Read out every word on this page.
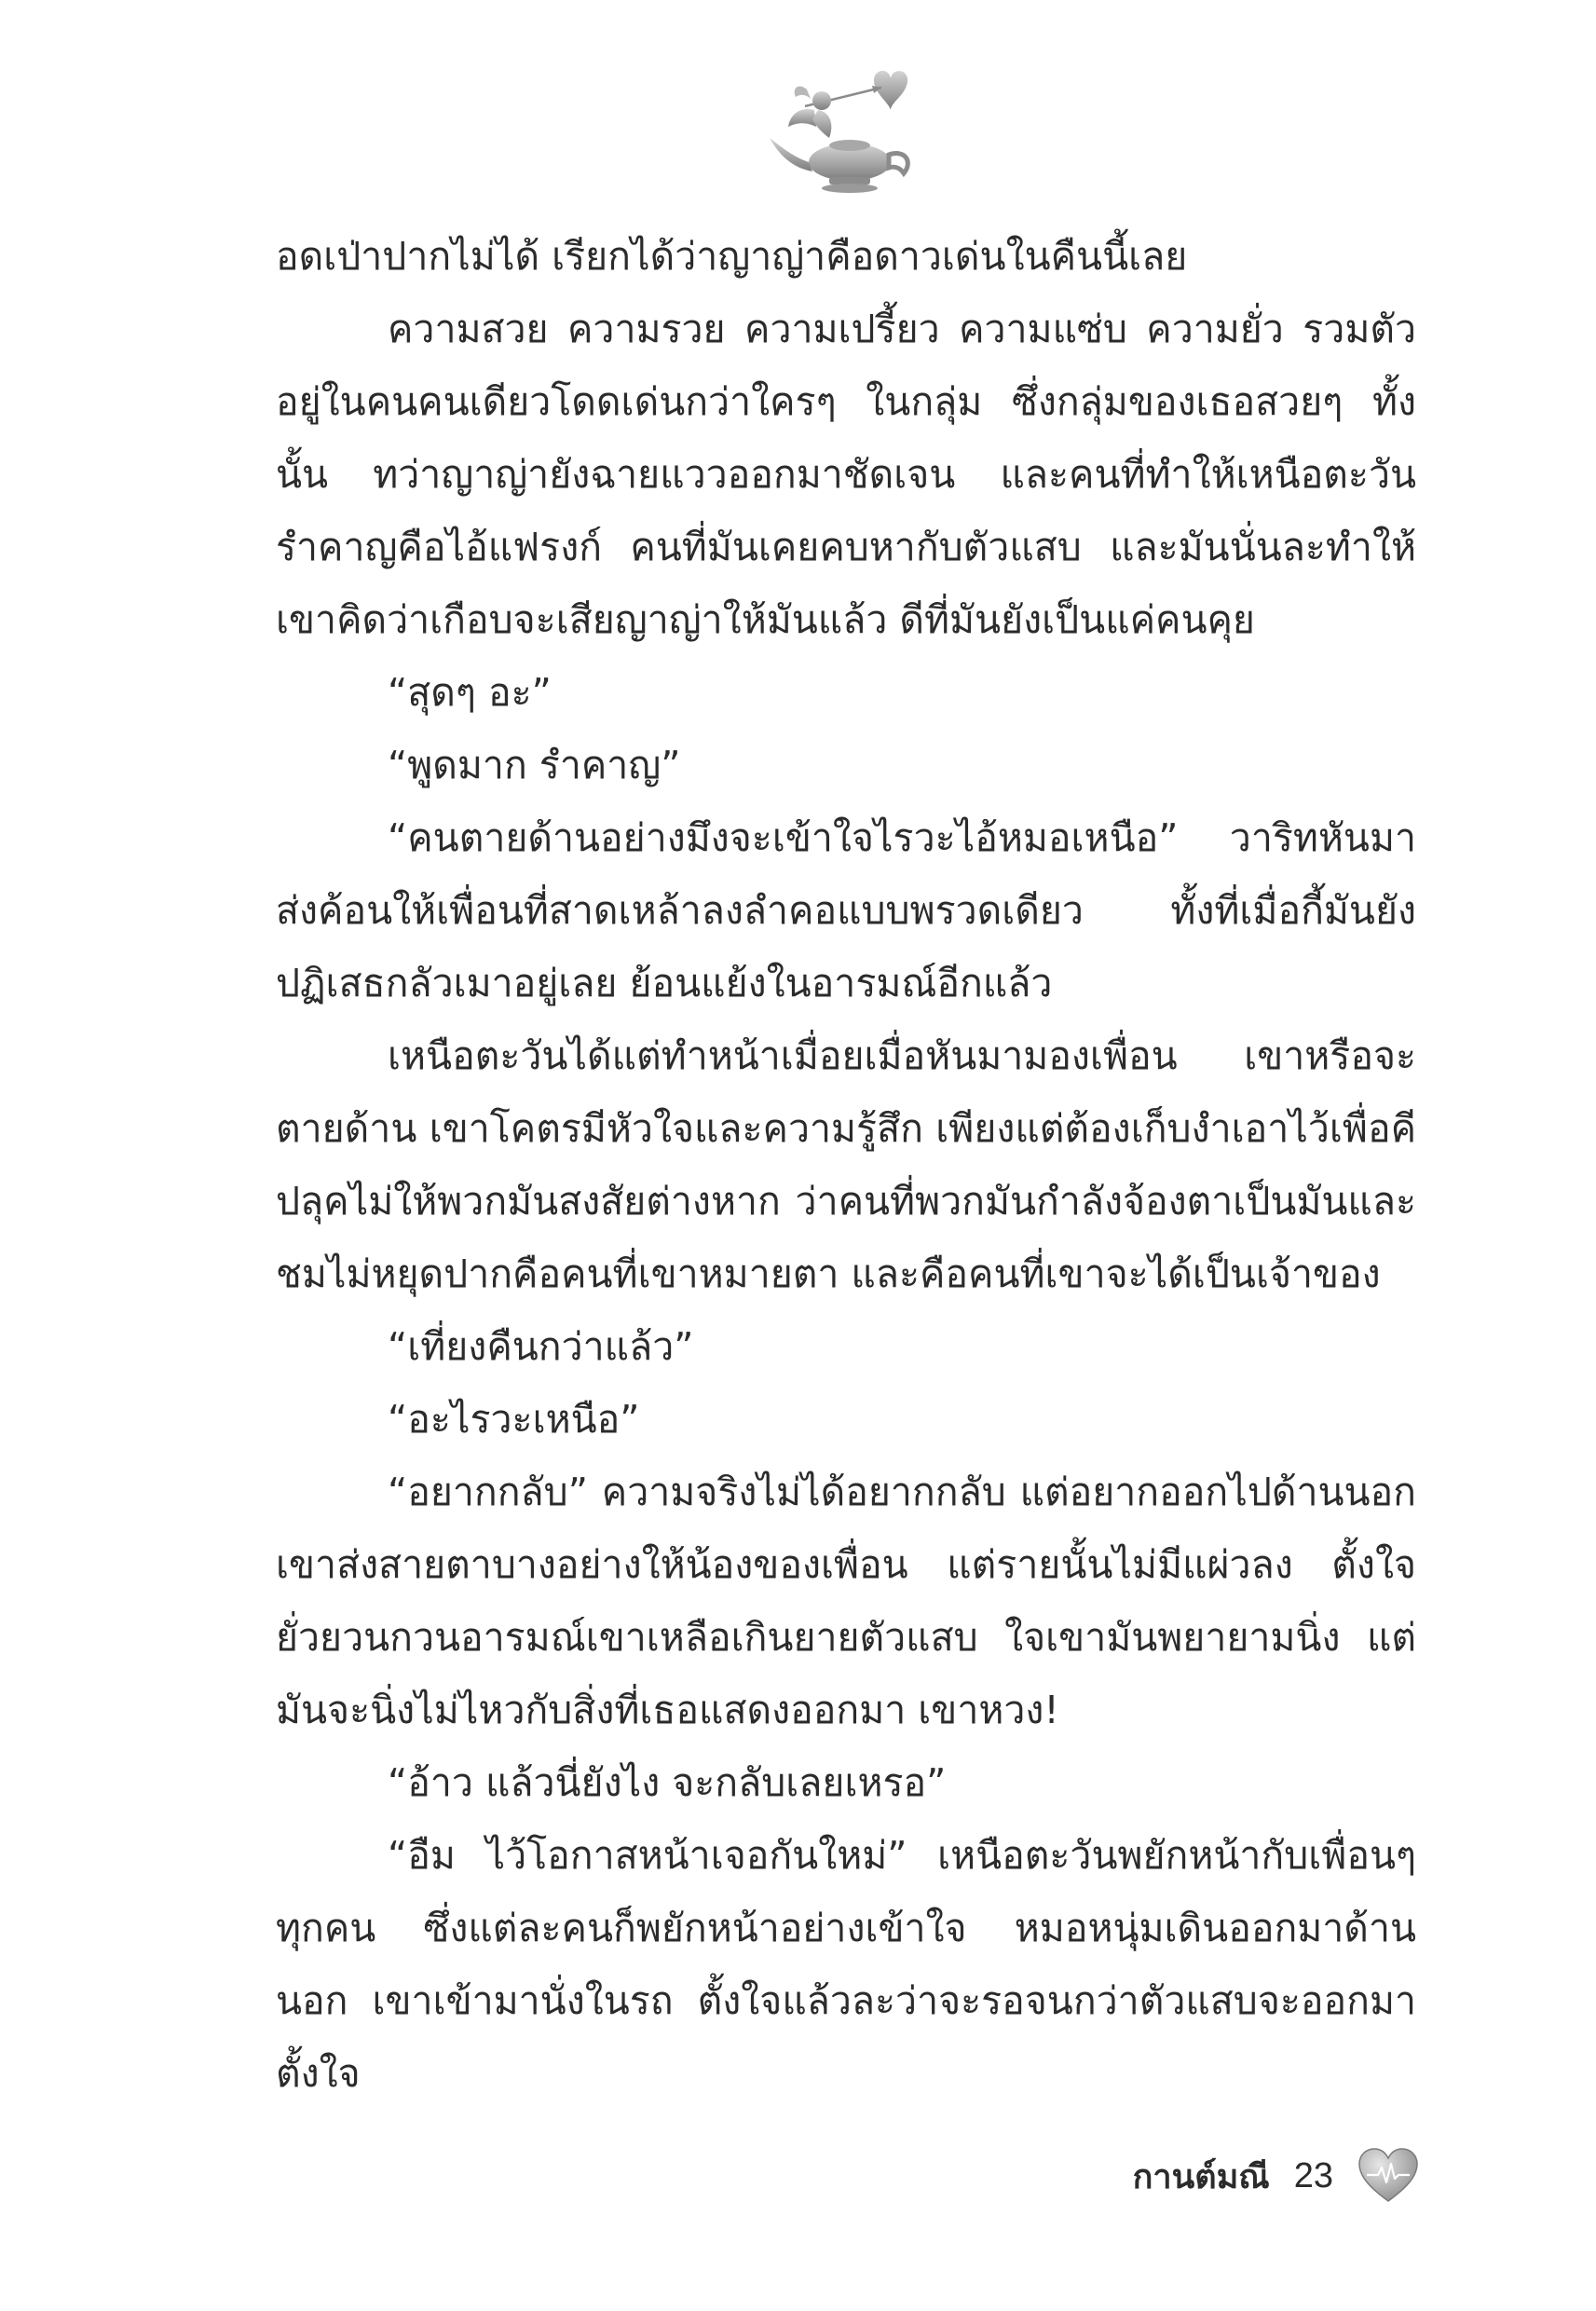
อดเป่าปากไม่ได้ เรียกได้ว่าญาญ่าคือดาวเด่นในคืนนี้เลย

ความสวย ความรวย ความเปรี้ยว ความแซ่บ ความยั่ว รวมตัวอยู่ในคนคนเดียวโดดเด่นกว่าใครๆ ในกลุ่ม ซึ่งกลุ่มของเธอสวยๆ ทั้งนั้น ทว่าญาญ่ายังฉายแววออกมาชัดเจน และคนที่ทำให้เหนือตะวันรำคาญคือไอ้แฟรงก์ คนที่มันเคยคบหากับตัวแสบ และมันนั่นละทำให้เขาคิดว่าเกือบจะเสียญาญ่าให้มันแล้ว ดีที่มันยังเป็นแค่คนคุย

“สุดๆ อะ”

“พูดมาก รำคาญ”

“คนตายด้านอย่างมึงจะเข้าใจไรวะไอ้หมอเหนือ” วาริทหันมาส่งค้อนให้เพื่อนที่สาดเหล้าลงลำคอแบบพรวดเดียว ทั้งที่เมื่อกี้มันยังปฏิเสธกลัวเมาอยู่เลย ย้อนแย้งในอารมณ์อีกแล้ว

เหนือตะวันได้แต่ทำหน้าเมื่อยเมื่อหันมามองเพื่อน เขาหรือจะตายด้าน เขาโคตรมีหัวใจและความรู้สึก เพียงแต่ต้องเก็บงำเอาไว้เพื่อคีปลุคไม่ให้พวกมันสงสัยต่างหาก ว่าคนที่พวกมันกำลังจ้องตาเป็นมันและชมไม่หยุดปากคือคนที่เขาหมายตา และคือคนที่เขาจะได้เป็นเจ้าของ

“เที่ยงคืนกว่าแล้ว”

“อะไรวะเหนือ”

“อยากกลับ” ความจริงไม่ได้อยากกลับ แต่อยากออกไปด้านนอก เขาส่งสายตาบางอย่างให้น้องของเพื่อน แต่รายนั้นไม่มีแผ่วลง ตั้งใจยั่วยวนกวนอารมณ์เขาเหลือเกินยายตัวแสบ ใจเขามันพยายามนิ่ง แต่มันจะนิ่งไม่ไหวกับสิ่งที่เธอแสดงออกมา เขาหวง!

“อ้าว แล้วนี่ยังไง จะกลับเลยเหรอ”

“อืม ไว้โอกาสหน้าเจอกันใหม่” เหนือตะวันพยักหน้ากับเพื่อนๆ ทุกคน ซึ่งแต่ละคนก็พยักหน้าอย่างเข้าใจ หมอหนุ่มเดินออกมาด้านนอก เขาเข้ามานั่งในรถ ตั้งใจแล้วละว่าจะรอจนกว่าตัวแสบจะออกมา ตั้งใจ

กานต์มณี 23
